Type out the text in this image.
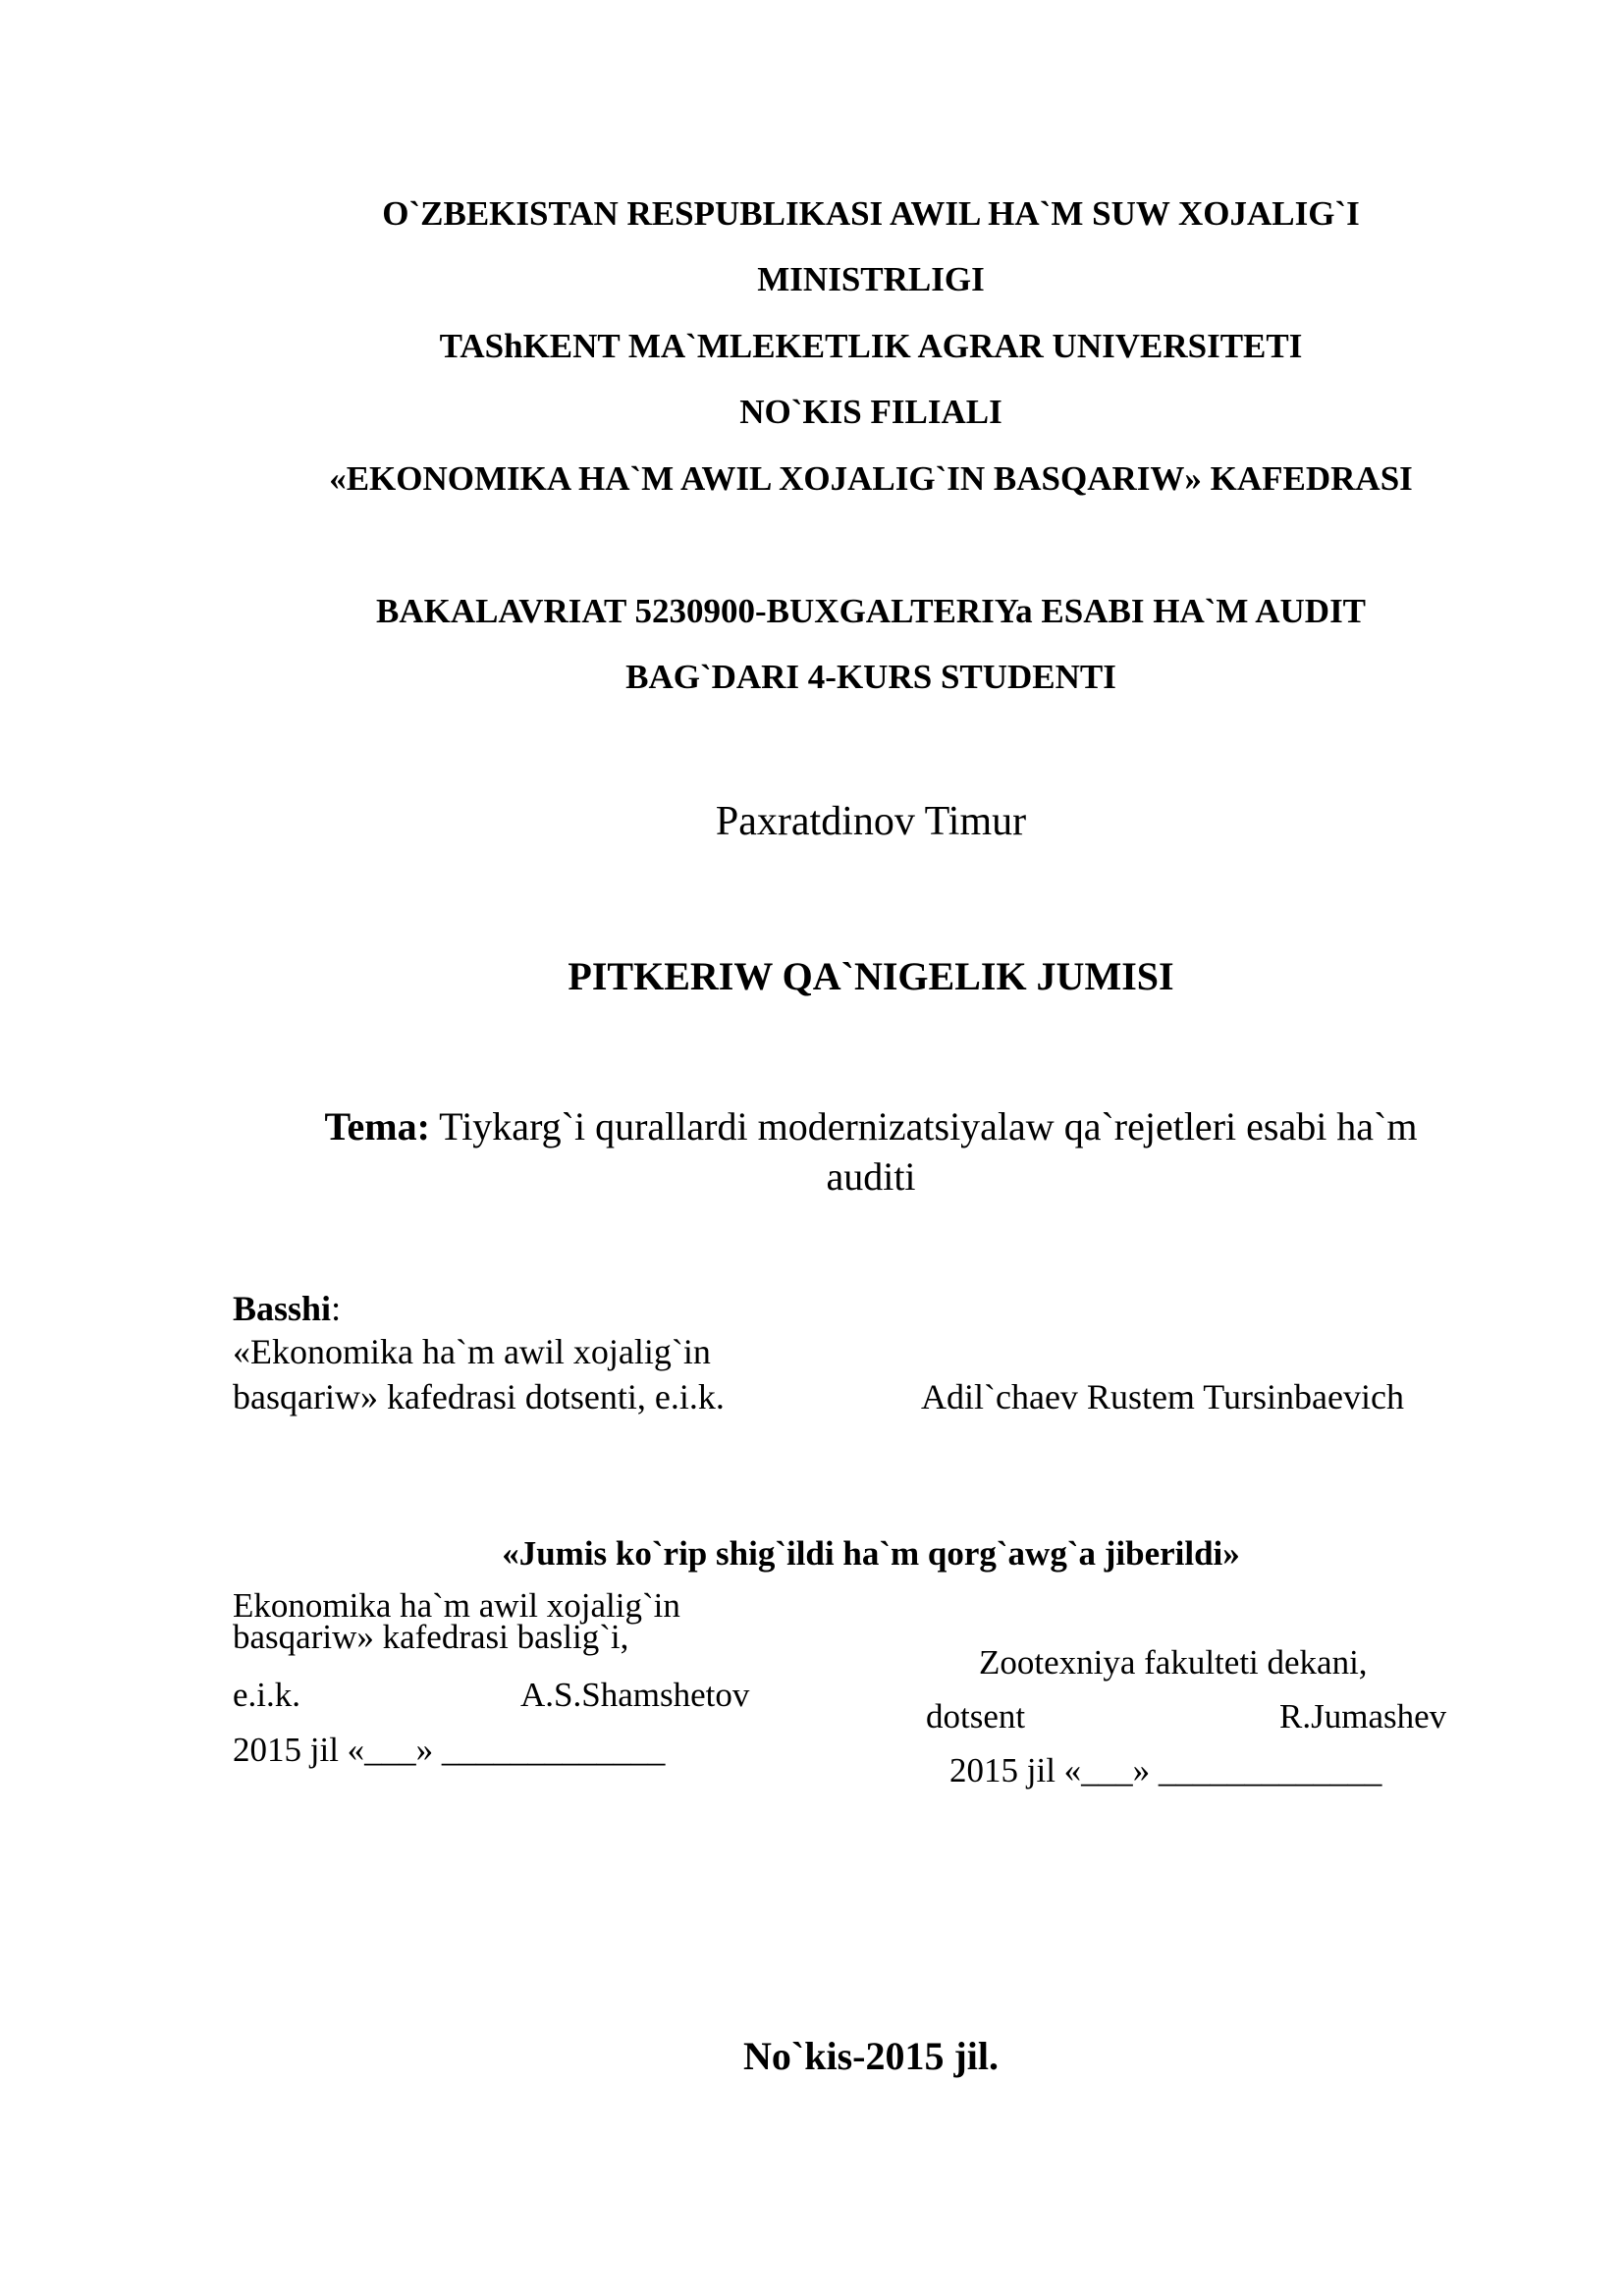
O`ZBEKISTAN RESPUBLIKASI AWIL HA`M SUW XOJALIG`I
MINISTRLIGI
TAShKENT MA`MLEKETLIK AGRAR UNIVERSITETI
NO`KIS FILIALI
«EKONOMIKA HA`M AWIL XOJALIG`IN BASQARIW» KAFEDRASI
BAKALAVRIAT 5230900-BUXGALTERIYa ESABI HA`M AUDIT
BAG`DARI 4-KURS STUDENTI
Paxratdinov Timur
PITKERIW QA`NIGELIK JUMISI
Tema: Tiykarg`i qurallardi modernizatsiyalaw qa`rejetleri esabi ha`m
auditi
Basshi:
«Ekonomika ha`m awil xojalig`in
basqariw» kafedrasi dotsenti, e.i.k.	Adil`chaev Rustem Tursinbaevich
«Jumis ko`rip shig`ildi ha`m qorg`awg`a jiberildi»
Ekonomika ha`m awil xojalig`in
basqariw» kafedrasi baslig`i,
e.i.k.	A.S.Shamshetov
2015 jil «___» _____________
Zootexniya fakulteti dekani,
dotsent	R.Jumashev
2015 jil «___» _____________
No`kis-2015 jil.
